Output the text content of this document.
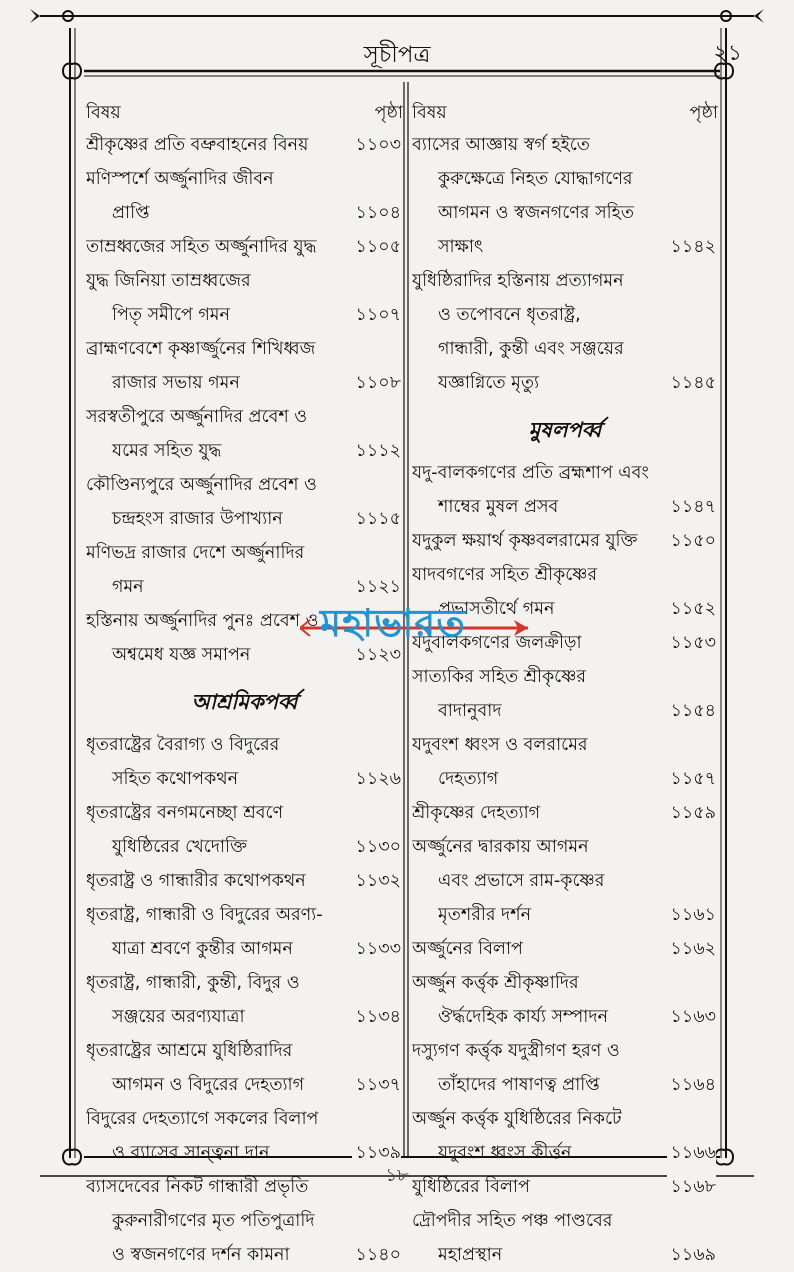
সূচীপত্র	২১
বিষয়	পৃষ্ঠা
শ্রীকৃষ্ণের প্রতি বভ্রুবাহনের বিনয়	১১০৩
মণিস্পর্শে অর্জ্জুনাদির জীবন
প্রাপ্তি	১১০৪
তাম্রধ্বজের সহিত অর্জ্জুনাদির যুদ্ধ	১১০৫
যুদ্ধ জিনিয়া তাম্রধ্বজের
পিতৃ সমীপে গমন	১১০৭
ব্রাহ্মণবেশে কৃষ্ণার্জ্জুনের শিখিধ্বজ
রাজার সভায় গমন	১১০৮
সরস্বতীপুরে অর্জ্জুনাদির প্রবেশ ও
যমের সহিত যুদ্ধ	১১১২
কৌণ্ডিন্যপুরে অর্জ্জুনাদির প্রবেশ ও
চন্দ্রহংস রাজার উপাখ্যান	১১১৫
মণিভদ্র রাজার দেশে অর্জ্জুনাদির
গমন	১১২১
হস্তিনায় অর্জ্জুনাদির পুনঃ প্রবেশ ও
অশ্বমেধ যজ্ঞ সমাপন	১১২৩
আশ্রমিকপর্ব্ব
ধৃতরাষ্ট্রের বৈরাগ্য ও বিদুরের
সহিত কথোপকথন	১১২৬
ধৃতরাষ্ট্রের বনগমনেচ্ছা শ্রবণে
যুধিষ্ঠিরের খেদোক্তি	১১৩০
ধৃতরাষ্ট্র ও গান্ধারীর কথোপকথন	১১৩২
ধৃতরাষ্ট্র, গান্ধারী ও বিদুরের অরণ্য-
যাত্রা শ্রবণে কুন্তীর আগমন	১১৩৩
ধৃতরাষ্ট্র, গান্ধারী, কুন্তী, বিদুর ও
সঞ্জয়ের অরণ্যযাত্রা	১১৩৪
ধৃতরাষ্ট্রের আশ্রমে যুধিষ্ঠিরাদির
আগমন ও বিদুরের দেহত্যাগ	১১৩৭
বিদুরের দেহত্যাগে সকলের বিলাপ
ও ব্যাসের সান্ত্বনা দান	১১৩৯
ব্যাসদেবের নিকট গান্ধারী প্রভৃতি
কুরুনারীগণের মৃত পতিপুত্রাদি
ও স্বজনগণের দর্শন কামনা	১১৪০
বিষয়	পৃষ্ঠা
ব্যাসের আজ্ঞায় স্বর্গ হইতে
কুরুক্ষেত্রে নিহত যোদ্ধাগণের
আগমন ও স্বজনগণের সহিত
সাক্ষাৎ	১১৪২
যুধিষ্ঠিরাদির হস্তিনায় প্রত্যাগমন
ও তপোবনে ধৃতরাষ্ট্র,
গান্ধারী, কুন্তী এবং সঞ্জয়ের
যজ্ঞাগ্নিতে মৃত্যু	১১৪৫
মুষলপর্ব্ব
যদু-বালকগণের প্রতি ব্রহ্মশাপ এবং
শাম্বের মুষল প্রসব	১১৪৭
যদুকুল ক্ষয়ার্থ কৃষ্ণবলরামের যুক্তি	১১৫০
যাদবগণের সহিত শ্রীকৃষ্ণের
প্রভাসতীর্থে গমন	১১৫২
যদুবালকগণের জলক্রীড়া	১১৫৩
সাত্যকির সহিত শ্রীকৃষ্ণের
বাদানুবাদ	১১৫৪
যদুবংশ ধ্বংস ও বলরামের
দেহত্যাগ	১১৫৭
শ্রীকৃষ্ণের দেহত্যাগ	১১৫৯
অর্জ্জুনের দ্বারকায় আগমন
এবং প্রভাসে রাম-কৃষ্ণের
মৃতশরীর দর্শন	১১৬১
অর্জ্জুনের বিলাপ	১১৬২
অর্জ্জুন কর্ত্তৃক শ্রীকৃষ্ণাদির
ঔর্দ্ধদেহিক কার্য্য সম্পাদন	১১৬৩
দস্যুগণ কর্ত্তৃক যদুস্ত্রীগণ হরণ ও
তাঁহাদের পাষাণত্ব প্রাপ্তি	১১৬৪
অর্জ্জুন কর্ত্তৃক যুধিষ্ঠিরের নিকটে
যদুবংশ ধ্বংস কীর্ত্তন	১১৬৬
যুধিষ্ঠিরের বিলাপ	১১৬৮
দ্রৌপদীর সহিত পঞ্চ পাণ্ডবের
মহাপ্রস্থান	১১৬৯
মহাভারত
১৮
